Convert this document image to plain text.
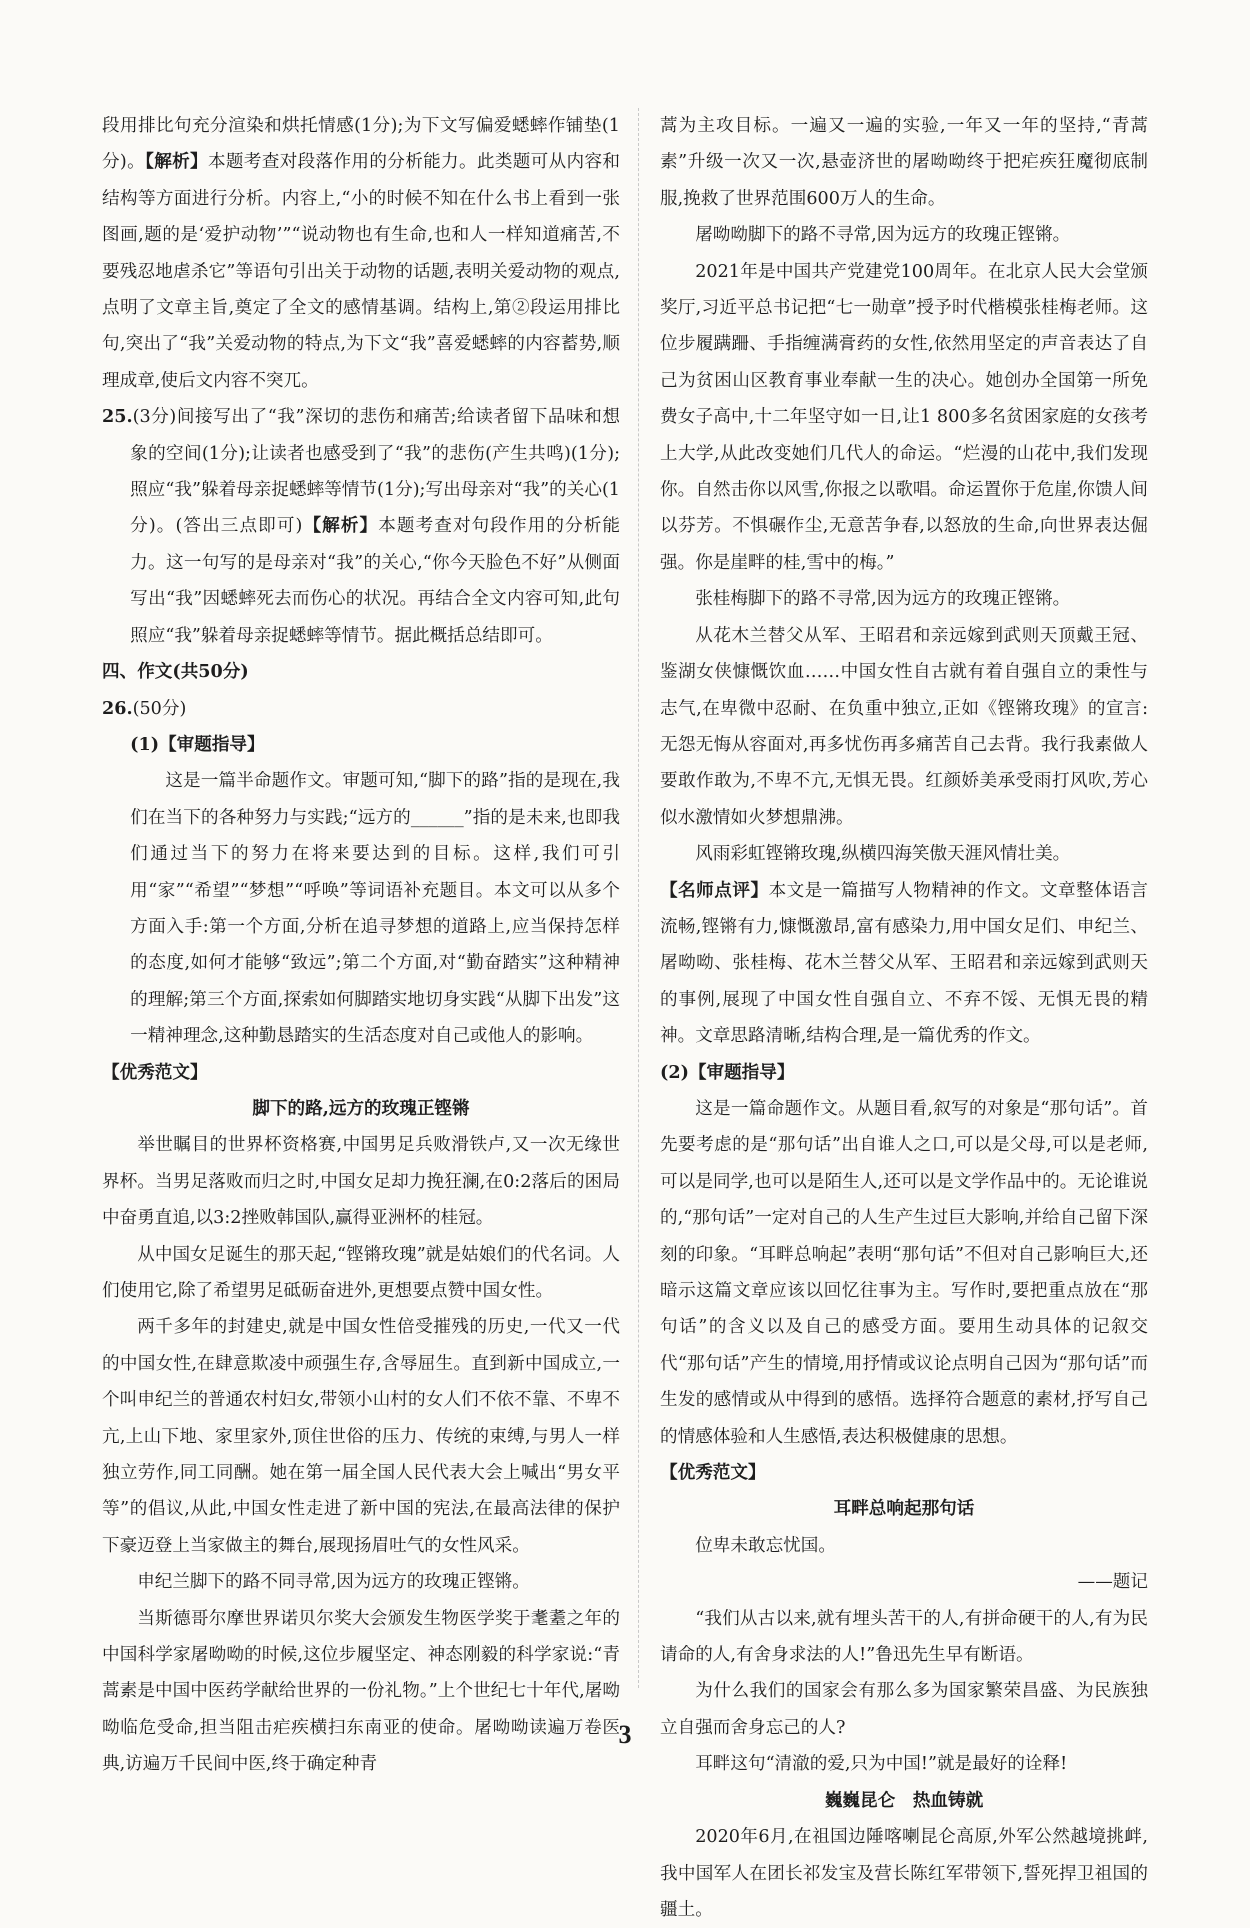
段用排比句充分渲染和烘托情感(1分);为下文写偏爱蟋蟀作铺垫(1分)。【解析】本题考查对段落作用的分析能力。此类题可从内容和结构等方面进行分析。内容上,“小的时候不知在什么书上看到一张图画,题的是‘爱护动物’”“说动物也有生命,也和人一样知道痛苦,不要残忍地虐杀它”等语句引出关于动物的话题,表明关爱动物的观点,点明了文章主旨,奠定了全文的感情基调。结构上,第②段运用排比句,突出了“我”关爱动物的特点,为下文“我”喜爱蟋蟀的内容蓄势,顺理成章,使后文内容不突兀。

25.(3分)间接写出了“我”深切的悲伤和痛苦;给读者留下品味和想象的空间(1分);让读者也感受到了“我”的悲伤(产生共鸣)(1分);照应“我”躲着母亲捉蟋蟀等情节(1分);写出母亲对“我”的关心(1分)。(答出三点即可)【解析】本题考查对句段作用的分析能力。这一句写的是母亲对“我”的关心,“你今天脸色不好”从侧面写出“我”因蟋蟀死去而伤心的状况。再结合全文内容可知,此句照应“我”躲着母亲捉蟋蟀等情节。据此概括总结即可。

四、作文(共50分)

26.(50分)

(1)【审题指导】

这是一篇半命题作文。审题可知,“脚下的路”指的是现在,我们在当下的各种努力与实践;“远方的______”指的是未来,也即我们通过当下的努力在将来要达到的目标。这样,我们可引用“家”“希望”“梦想”“呼唤”等词语补充题目。本文可以从多个方面入手:第一个方面,分析在追寻梦想的道路上,应当保持怎样的态度,如何才能够“致远”;第二个方面,对“勤奋踏实”这种精神的理解;第三个方面,探索如何脚踏实地切身实践“从脚下出发”这一精神理念,这种勤恳踏实的生活态度对自己或他人的影响。

【优秀范文】

脚下的路,远方的玫瑰正铿锵

举世瞩目的世界杯资格赛,中国男足兵败滑铁卢,又一次无缘世界杯。当男足落败而归之时,中国女足却力挽狂澜,在0:2落后的困局中奋勇直追,以3:2挫败韩国队,赢得亚洲杯的桂冠。

从中国女足诞生的那天起,“铿锵玫瑰”就是姑娘们的代名词。人们使用它,除了希望男足砥砺奋进外,更想要点赞中国女性。

两千多年的封建史,就是中国女性倍受摧残的历史,一代又一代的中国女性,在肆意欺凌中顽强生存,含辱屈生。直到新中国成立,一个叫申纪兰的普通农村妇女,带领小山村的女人们不依不靠、不卑不亢,上山下地、家里家外,顶住世俗的压力、传统的束缚,与男人一样独立劳作,同工同酬。她在第一届全国人民代表大会上喊出“男女平等”的倡议,从此,中国女性走进了新中国的宪法,在最高法律的保护下豪迈登上当家做主的舞台,展现扬眉吐气的女性风采。

申纪兰脚下的路不同寻常,因为远方的玫瑰正铿锵。

当斯德哥尔摩世界诺贝尔奖大会颁发生物医学奖于耄耋之年的中国科学家屠呦呦的时候,这位步履坚定、神态刚毅的科学家说:“青蒿素是中国中医药学献给世界的一份礼物。”上个世纪七十年代,屠呦呦临危受命,担当阻击疟疾横扫东南亚的使命。屠呦呦读遍万卷医典,访遍万千民间中医,终于确定种青

蒿为主攻目标。一遍又一遍的实验,一年又一年的坚持,“青蒿素”升级一次又一次,悬壶济世的屠呦呦终于把疟疾狂魔彻底制服,挽救了世界范围600万人的生命。

屠呦呦脚下的路不寻常,因为远方的玫瑰正铿锵。

2021年是中国共产党建党100周年。在北京人民大会堂颁奖厅,习近平总书记把“七一勋章”授予时代楷模张桂梅老师。这位步履蹒跚、手指缠满膏药的女性,依然用坚定的声音表达了自己为贫困山区教育事业奉献一生的决心。她创办全国第一所免费女子高中,十二年坚守如一日,让1 800多名贫困家庭的女孩考上大学,从此改变她们几代人的命运。“烂漫的山花中,我们发现你。自然击你以风雪,你报之以歌唱。命运置你于危崖,你馈人间以芬芳。不惧碾作尘,无意苦争春,以怒放的生命,向世界表达倔强。你是崖畔的桂,雪中的梅。”

张桂梅脚下的路不寻常,因为远方的玫瑰正铿锵。

从花木兰替父从军、王昭君和亲远嫁到武则天顶戴王冠、鉴湖女侠慷慨饮血……中国女性自古就有着自强自立的秉性与志气,在卑微中忍耐、在负重中独立,正如《铿锵玫瑰》的宣言:无怨无悔从容面对,再多忧伤再多痛苦自己去背。我行我素做人要敢作敢为,不卑不亢,无惧无畏。红颜娇美承受雨打风吹,芳心似水激情如火梦想鼎沸。

风雨彩虹铿锵玫瑰,纵横四海笑傲天涯风情壮美。

【名师点评】本文是一篇描写人物精神的作文。文章整体语言流畅,铿锵有力,慷慨激昂,富有感染力,用中国女足们、申纪兰、屠呦呦、张桂梅、花木兰替父从军、王昭君和亲远嫁到武则天的事例,展现了中国女性自强自立、不弃不馁、无惧无畏的精神。文章思路清晰,结构合理,是一篇优秀的作文。

(2)【审题指导】

这是一篇命题作文。从题目看,叙写的对象是“那句话”。首先要考虑的是“那句话”出自谁人之口,可以是父母,可以是老师,可以是同学,也可以是陌生人,还可以是文学作品中的。无论谁说的,“那句话”一定对自己的人生产生过巨大影响,并给自己留下深刻的印象。“耳畔总响起”表明“那句话”不但对自己影响巨大,还暗示这篇文章应该以回忆往事为主。写作时,要把重点放在“那句话”的含义以及自己的感受方面。要用生动具体的记叙交代“那句话”产生的情境,用抒情或议论点明自己因为“那句话”而生发的感情或从中得到的感悟。选择符合题意的素材,抒写自己的情感体验和人生感悟,表达积极健康的思想。

【优秀范文】

耳畔总响起那句话

位卑未敢忘忧国。

——题记

“我们从古以来,就有埋头苦干的人,有拼命硬干的人,有为民请命的人,有舍身求法的人!”鲁迅先生早有断语。

为什么我们的国家会有那么多为国家繁荣昌盛、为民族独立自强而舍身忘己的人?

耳畔这句“清澈的爱,只为中国!”就是最好的诠释!

巍巍昆仑　热血铸就

2020年6月,在祖国边陲喀喇昆仑高原,外军公然越境挑衅,我中国军人在团长祁发宝及营长陈红军带领下,誓死捍卫祖国的疆土。

3
